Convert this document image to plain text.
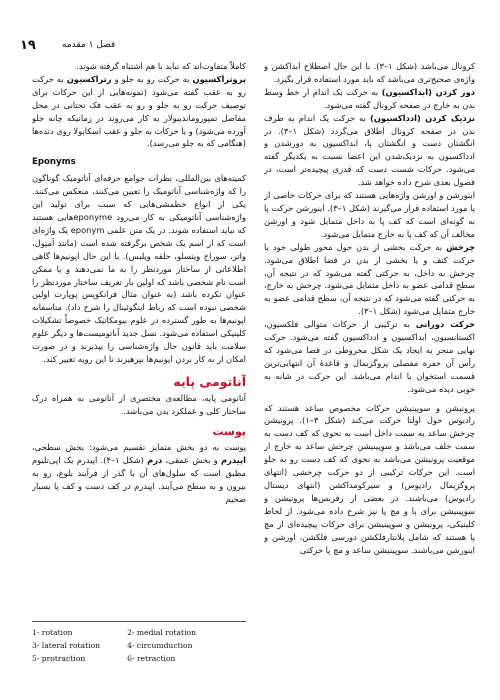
۱۹	فصل ۱ مقدمه

کرونال می‌باشد (شکل ۱–۳). با این حال اصطلاح ابداکشن و واژه‌ی صحیح‌تری می‌باشد که باید مورد استفاده قرار بگیرد.

دور کردن (ابداکسیون) به حرکت یک اندام از خط وسط بدن به خارج در صفحه کرونال گفته می‌شود.

نزدیک کردن (ادداکسیون) به حرکت یک اندام به طرف بدن در صفحه کرونال اطلاق می‌گردد (شکل ۱–۳). در انگشتان دست و انگشتان پا، ابداکسیون به دورشدن و ادداکسیون به نزدیک‌شدن این اعضا نسبت به یکدیگر گفته می‌شود. حرکات شست دست که قدری پیچیده‌تر است، در فصول بعدی شرح داده خواهد شد.

اینورشن و اورشن واژه‌هایی هستند که برای حرکات خاصی از پا مورد استفاده قرار می‌گیرند (شکل ۱–۳). اینورشن حرکت پا به گونه‌ای است که کف پا به داخل متمایل شود و اورشن مخالف آن که کف پا به خارج متمایل می‌شود.

چرخش به حرکت بخشی از بدن حول محور طولی خود یا حرکت کتف و یا بخشی از بدن در فضا اطلاق می‌شود. چرخش به داخل، به حرکتی گفته می‌شود که در نتیجه آن، سطح قدامی عضو به داخل متمایل می‌شود. چرخش به خارج، به حرکتی گفته می‌شود که در نتیجه آن، سطح قدامی عضو به خارج متمایل می‌شود (شکل ۱–۳).

حرکت دورانی به ترکیبی از حرکات متوالی فلکسیون، اکستانسیون، ابداکسیون و ادداکسیون گفته می‌شود. حرکت نهایی منجر به ایجاد یک شکل مخروطی در فضا می‌شود که رأس آن حفره مفصلی پروگزیمال و قاعدهٔ آن انتهایی‌ترین قسمت استخوان یا اندام می‌باشد. این حرکت در شانه به خوبی دیده می‌شود.

پرونیشن و سوپینیشن حرکات مخصوص ساعد هستند که رادیوس حول اولنا حرکت می‌کند (شکل ۳–۱). پرونیشن چرخش ساعد به سمت داخل است به نحوی که کف دست به سمت خلف می‌باشد و سوپینیشن چرخش ساعد به خارج از موقعیت پرونیشن می‌باشد به نحوی که کف دست رو به جلو است. این حرکات ترکیبی از دو حرکت چرخشی (انتهای پروگزیمال رادیوس) و سیرکومداکشن (انتهای دیستال رادیوس) می‌باشند. در بعضی از رفرنس‌ها پرونیشن و سوپینیشن برای پا و مچ پا نیز شرح داده می‌شود. از لحاظ کلینیکی، پرونیشن و سوپینیشن برای حرکات پیچیده‌ای از مچ پا هستند که شامل پلانتارفلکشن دورسی فلکشن، اورشن و اینورشن می‌باشند. سوپینیشن ساعد و مچ پا حرکتی

کاملاً متفاوت‌اند که نباید با هم اشتباه گرفته شوند.

پروتراکسیون به حرکت رو به جلو و رتراکسیون به حرکت رو به عقب گفته می‌شود (نمونه‌هایی از این حرکات برای توصیف حرکت رو به جلو و رو به عقب فک تحتانی در محل مفاصل تمپوروماندیبولار به کار می‌روند در زمانیکه چانه جلو آورده می‌شود) و یا حرکات به جلو و عقب اسکاپولا روی دنده‌ها (هنگامی که به جلو می‌رسد).

Eponyms

کمیته‌های بین‌المللی، نظرات جوامع حرفه‌ای آناتومیک گوناگون را که واژه‌شناسی آناتومیک را تعیین می‌کنند، منعکس می‌کنند. یکی از انواع خطمشی‌هایی که سبب برای تولید این واژه‌شناسی آناتومیکی به کار می‌رود eponymeهایی هستند که نباید استفاده شوند. در یک متن علمی eponym یک واژه‌ای است که از اسم یک شخص برگرفته شده است (مانند آمپول، واتر، سوراخ وینسلو، حلقه ویلیس). با این حال اپونیم‌ها گاهی اطلاعاتی از ساختار موردنظر را به ما نمی‌دهند و یا ممکن است نام شخصی باشد که اولین بار تعریف ساختار موردنظر را عنوان نکرده باشد (به عنوان مثال فرانکوپس پوپارت اولین شخصی نبوده است که رباط اینگوئینال را شرح داد). متاسفانه اپونیم‌ها به طور گسترده در علوم بیومکانیک خصوصاً تشکیلات کلینیکی استفاده می‌شود. نسل جدید آناتومیست‌ها و دیگر علوم سلامت باید قانون حال واژه‌شناسی را بپذیرند و در صورت امکان از به کار بردن اپونیم‌ها بپرهیزند تا این رویه تغییر کند.

آناتومی پایه

آناتومی پایه، مطالعه‌ی مختصری از آناتومی به همراه درک ساختار کلی و عملکرد بدن می‌باشد.

پوست

پوست به دو بخش متمایز تقسیم می‌شود: بخش سطحی، اپیدرم و بخش عمقی، درم (شکل ۱–۴). اپیدرم یک اپی‌تلیوم مطبق است که سلول‌های آن با گذر از فرآیند بلوغ، رو به بیرون و به سطح می‌آیند. اپیدرم در کف دست و کف پا بسیار ضخیم

1- rotation	2- medial rotation
3- lateral rotation	4- circumduction
5- protraction	6- retraction
